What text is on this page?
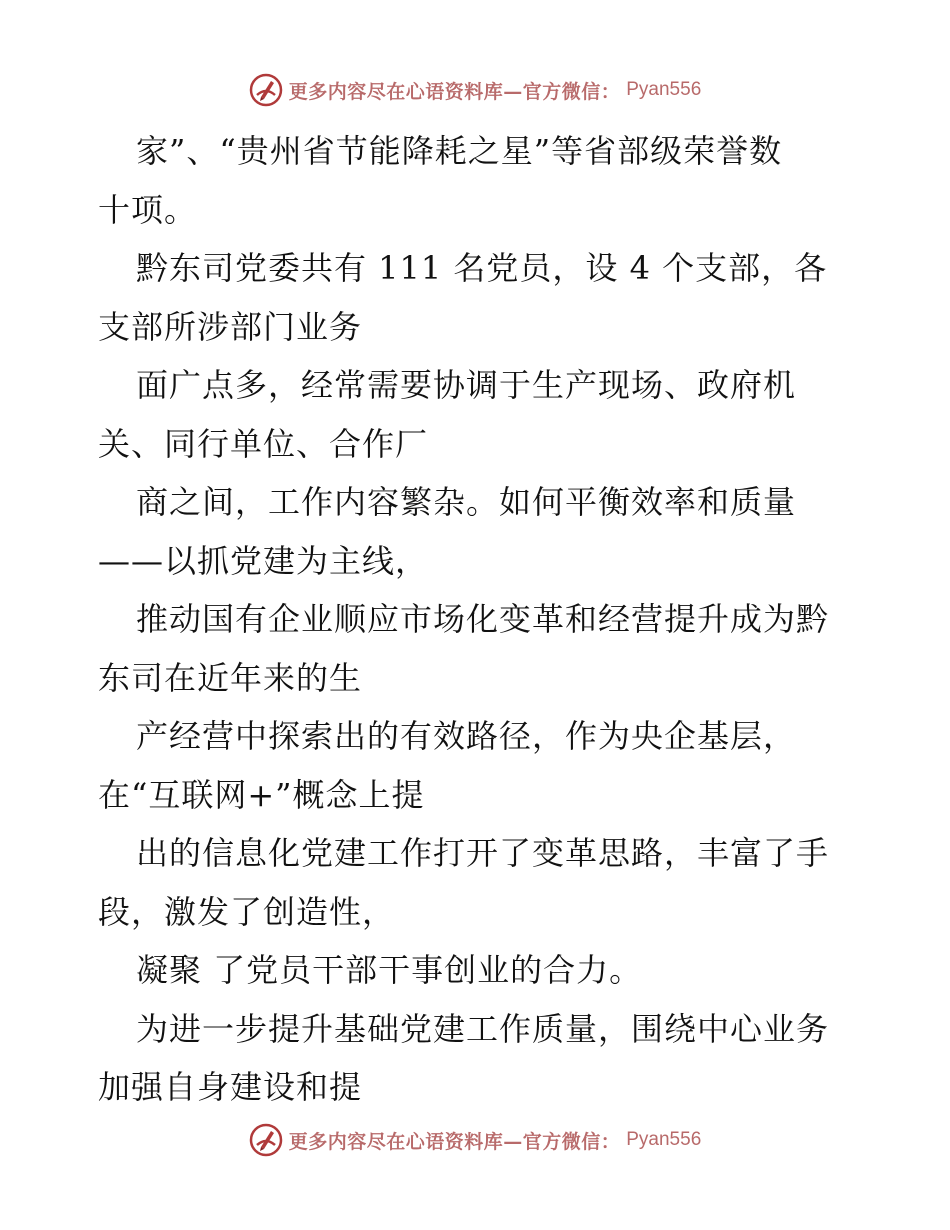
更多内容尽在心语资料库—官方微信： Pyan556
家”、“贵州省节能降耗之星”等省部级荣誉数
十项。
黔东司党委共有 111 名党员，设 4 个支部，各
支部所涉部门业务
面广点多，经常需要协调于生产现场、政府机
关、同行单位、合作厂
商之间，工作内容繁杂。如何平衡效率和质量
——以抓党建为主线，
推动国有企业顺应市场化变革和经营提升成为黔
东司在近年来的生
产经营中探索出的有效路径，作为央企基层，
在“互联网+”概念上提
出的信息化党建工作打开了变革思路，丰富了手
段，激发了创造性，
凝聚 了党员干部干事创业的合力。
为进一步提升基础党建工作质量，围绕中心业务
加强自身建设和提
更多内容尽在心语资料库—官方微信： Pyan556
